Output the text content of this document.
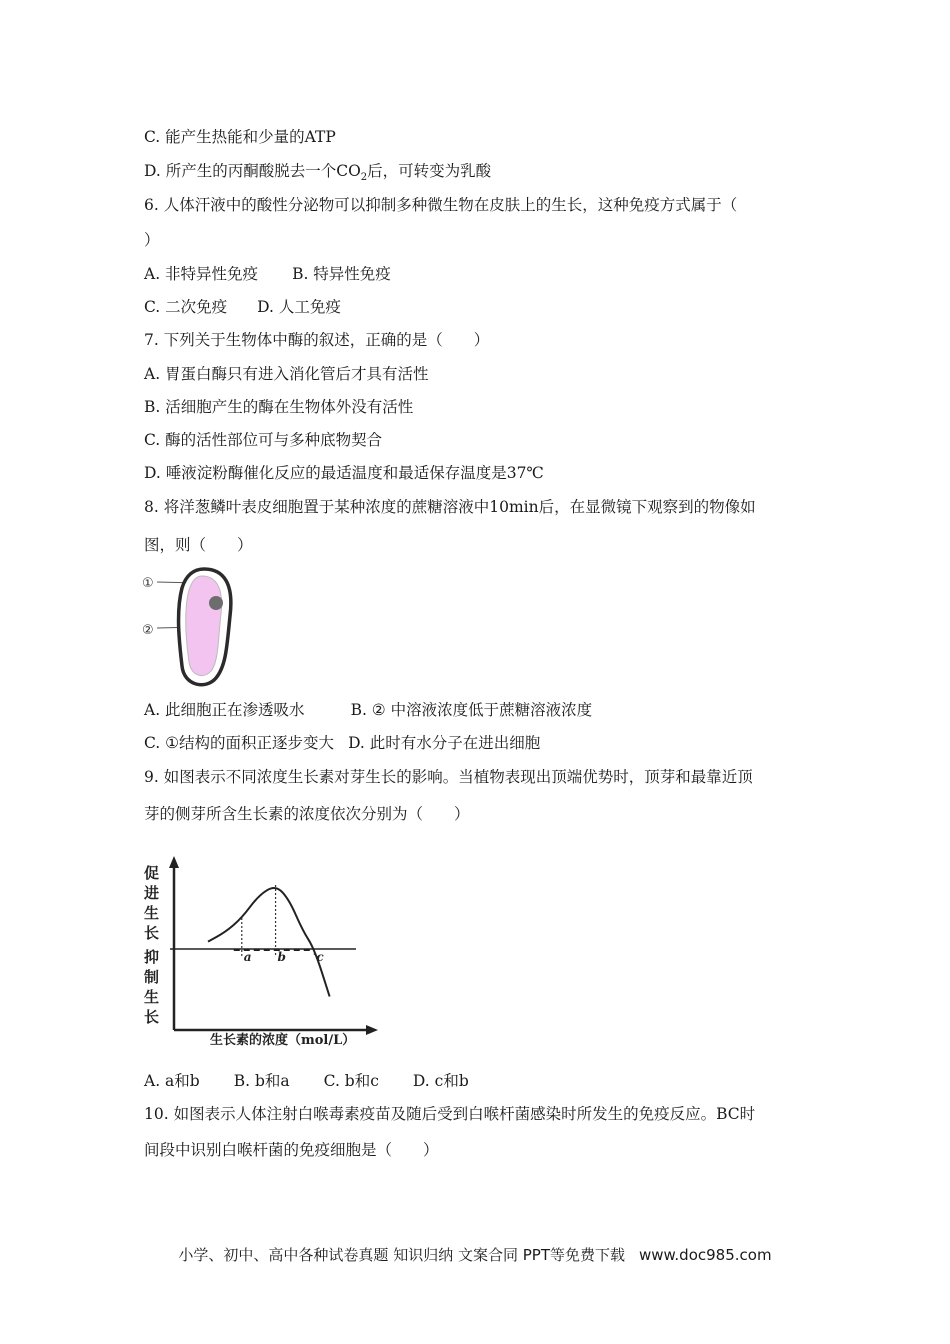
C. 能产生热能和少量的ATP
D. 所产生的丙酮酸脱去一个$CO_2$后，可转变为乳酸
6. 人体汗液中的酸性分泌物可以抑制多种微生物在皮肤上的生长，这种免疫方式属于（
）
A. 非特异性免疫 B. 特异性免疫
C. 二次免疫 D. 人工免疫
7. 下列关于生物体中酶的叙述，正确的是（　　）
A. 胃蛋白酶只有进入消化管后才具有活性
B. 活细胞产生的酶在生物体外没有活性
C. 酶的活性部位可与多种底物契合
D. 唾液淀粉酶催化反应的最适温度和最适保存温度是37℃
8. 将洋葱鳞叶表皮细胞置于某种浓度的蔗糖溶液中10min后，在显微镜下观察到的物像如
图，则（　　）
①
②
A. 此细胞正在渗透吸水	B. ② 中溶液浓度低于蔗糖溶液浓度
C. ①结构的面积正逐步变大 D. 此时有水分子在进出细胞
9. 如图表示不同浓度生长素对芽生长的影响。当植物表现出顶端优势时，顶芽和最靠近顶
芽的侧芽所含生长素的浓度依次分别为（　　）
促
进
生
长
抑
制
生
长
a b	c
生长素的浓度（mol/L）
A. a和b B. b和a C. b和c D. c和b
10. 如图表示人体注射白喉毒素疫苗及随后受到白喉杆菌感染时所发生的免疫反应。BC时
间段中识别白喉杆菌的免疫细胞是（　　）
小学、初中、高中各种试卷真题 知识归纳 文案合同 PPT等免费下载 www.doc985.com
